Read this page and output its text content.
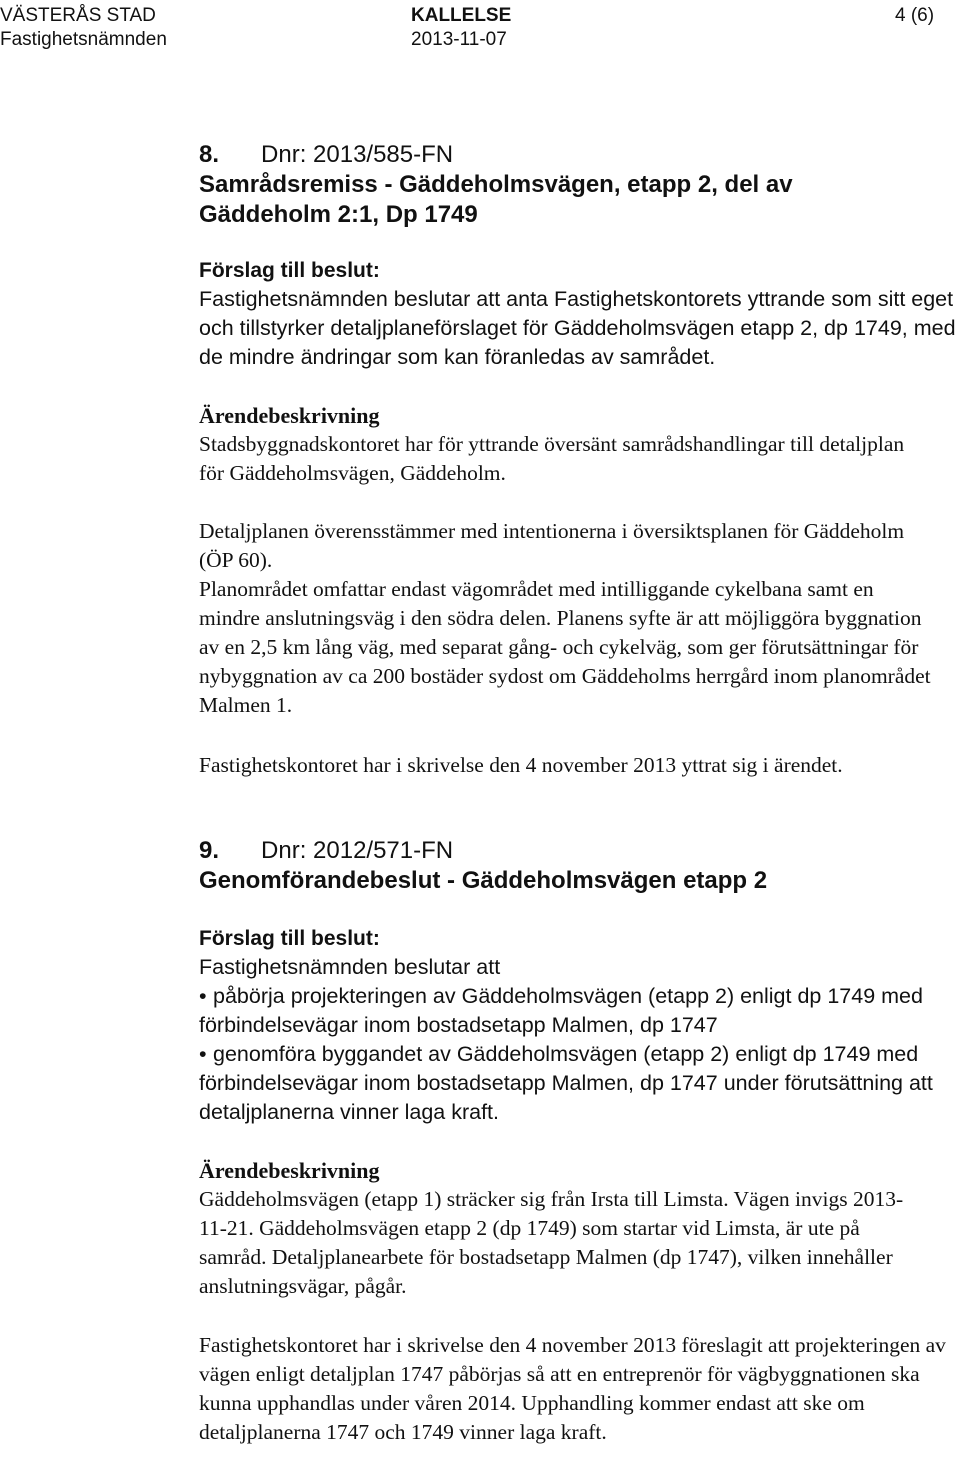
VÄSTERÅS STAD
Fastighetsnämnden
KALLELSE
2013-11-07
4 (6)
8. Dnr: 2013/585-FN
Samrådsremiss - Gäddeholmsvägen, etapp 2, del av Gäddeholm 2:1, Dp 1749
Förslag till beslut:

Fastighetsnämnden beslutar att anta Fastighetskontorets yttrande som sitt eget och tillstyrker detaljplaneförslaget för Gäddeholmsvägen etapp 2, dp 1749, med de mindre ändringar som kan föranledas av samrådet.

Ärendebeskrivning

Stadsbyggnadskontoret har för yttrande översänt samrådshandlingar till detaljplan för Gäddeholmsvägen, Gäddeholm.

Detaljplanen överensstämmer med intentionerna i översiktsplanen för Gäddeholm (ÖP 60).

Planområdet omfattar endast vägområdet med intilliggande cykelbana samt en mindre anslutningsväg i den södra delen. Planens syfte är att möjliggöra byggnation av en 2,5 km lång väg, med separat gång- och cykelväg, som ger förutsättningar för nybyggnation av ca 200 bostäder sydost om Gäddeholms herrgård inom planområdet Malmen 1.

Fastighetskontoret har i skrivelse den 4 november 2013 yttrat sig i ärendet.

9. Dnr: 2012/571-FN
Genomförandebeslut - Gäddeholmsvägen etapp 2
Förslag till beslut:

Fastighetsnämnden beslutar att

• påbörja projekteringen av Gäddeholmsvägen (etapp 2) enligt dp 1749 med förbindelsevägar inom bostadsetapp Malmen, dp 1747

• genomföra byggandet av Gäddeholmsvägen (etapp 2) enligt dp 1749 med förbindelsevägar inom bostadsetapp Malmen, dp 1747 under förutsättning att detaljplanerna vinner laga kraft.

Ärendebeskrivning

Gäddeholmsvägen (etapp 1) sträcker sig från Irsta till Limsta. Vägen invigs 2013-11-21. Gäddeholmsvägen etapp 2 (dp 1749) som startar vid Limsta, är ute på samråd. Detaljplanearbete för bostadsetapp Malmen (dp 1747), vilken innehåller anslutningsvägar, pågår.

Fastighetskontoret har i skrivelse den 4 november 2013 föreslagit att projekteringen av vägen enligt detaljplan 1747 påbörjas så att en entreprenör för vägbyggnationen ska kunna upphandlas under våren 2014. Upphandling kommer endast att ske om detaljplanerna 1747 och 1749 vinner laga kraft.
